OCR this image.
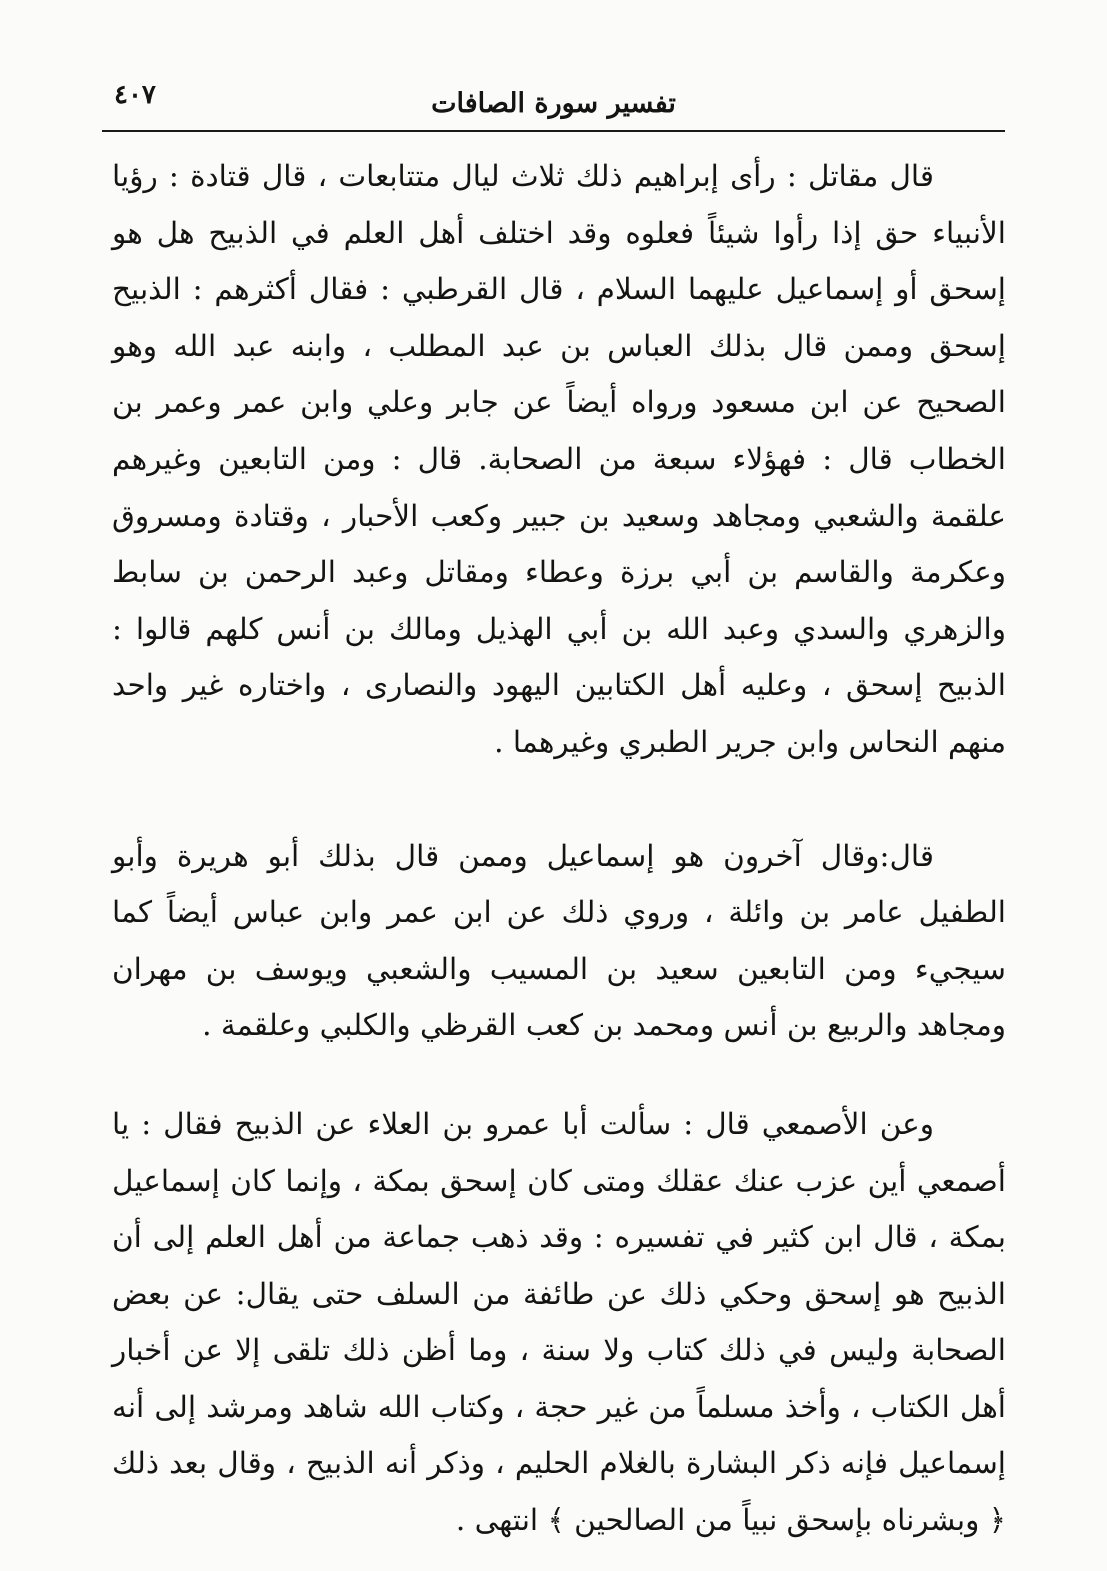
٤٠٧	تفسير سورة الصافات

قال مقاتل : رأى إبراهيم ذلك ثلاث ليال متتابعات ، قال قتادة : رؤيا الأنبياء حق إذا رأوا شيئاً فعلوه وقد اختلف أهل العلم في الذبيح هل هو إسحق أو إسماعيل عليهما السلام ، قال القرطبي : فقال أكثرهم : الذبيح إسحق وممن قال بذلك العباس بن عبد المطلب ، وابنه عبد الله وهو الصحيح عن ابن مسعود ورواه أيضاً عن جابر وعلي وابن عمر وعمر بن الخطاب قال : فهؤلاء سبعة من الصحابة. قال : ومن التابعين وغيرهم علقمة والشعبي ومجاهد وسعيد بن جبير وكعب الأحبار ، وقتادة ومسروق وعكرمة والقاسم بن أبي برزة وعطاء ومقاتل وعبد الرحمن بن سابط والزهري والسدي وعبد الله بن أبي الهذيل ومالك بن أنس كلهم قالوا : الذبيح إسحق ، وعليه أهل الكتابين اليهود والنصارى ، واختاره غير واحد منهم النحاس وابن جرير الطبري وغيرهما .

قال:وقال آخرون هو إسماعيل وممن قال بذلك أبو هريرة وأبو الطفيل عامر بن وائلة ، وروي ذلك عن ابن عمر وابن عباس أيضاً كما سيجيء ومن التابعين سعيد بن المسيب والشعبي ويوسف بن مهران ومجاهد والربيع بن أنس ومحمد بن كعب القرظي والكلبي وعلقمة .

وعن الأصمعي قال : سألت أبا عمرو بن العلاء عن الذبيح فقال : يا أصمعي أين عزب عنك عقلك ومتى كان إسحق بمكة ، وإنما كان إسماعيل بمكة ، قال ابن كثير في تفسيره : وقد ذهب جماعة من أهل العلم إلى أن الذبيح هو إسحق وحكي ذلك عن طائفة من السلف حتى يقال: عن بعض الصحابة وليس في ذلك كتاب ولا سنة ، وما أظن ذلك تلقى إلا عن أخبار أهل الكتاب ، وأخذ مسلماً من غير حجة ، وكتاب الله شاهد ومرشد إلى أنه إسماعيل فإنه ذكر البشارة بالغلام الحليم ، وذكر أنه الذبيح ، وقال بعد ذلك ﴿ وبشرناه بإسحق نبياً من الصالحين ﴾ انتهى .
